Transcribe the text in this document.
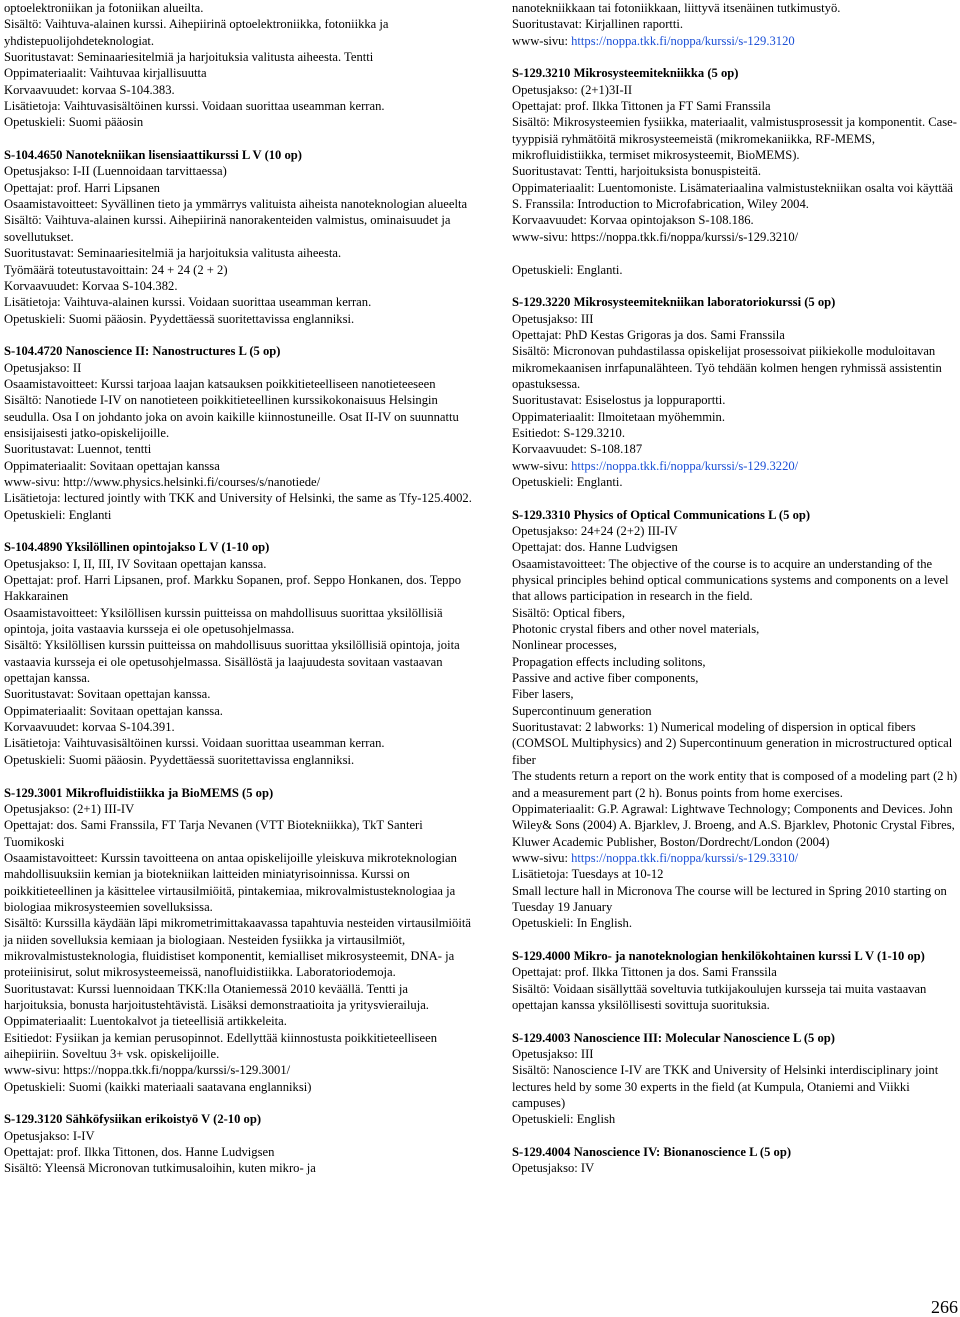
optoelektroniikan ja fotoniikan alueilta.
Sisältö: Vaihtuva-alainen kurssi. Aihepiirinä optoelektroniikka, fotoniikka ja yhdistepuolijohdeteknologiat.
Suoritustavat: Seminaariesitelmiä ja harjoituksia valitusta aiheesta. Tentti
Oppimateriaalit: Vaihtuvaa kirjallisuutta
Korvaavuudet: korvaa S-104.383.
Lisätietoja: Vaihtuvasisältöinen kurssi. Voidaan suorittaa useamman kerran.
Opetuskieli: Suomi pääosin
S-104.4650 Nanotekniikan lisensiaattikurssi L V (10 op)
Opetusjakso: I-II (Luennoidaan tarvittaessa)
Opettajat: prof. Harri Lipsanen
Osaamistavoitteet: Syvällinen tieto ja ymmärrys valituista aiheista nanoteknologian alueelta
Sisältö: Vaihtuva-alainen kurssi. Aihepiirinä nanorakenteiden valmistus, ominaisuudet ja sovellutukset.
Suoritustavat: Seminaariesitelmiä ja harjoituksia valitusta aiheesta.
Työmäärä toteutustavoittain: 24 + 24 (2 + 2)
Korvaavuudet: Korvaa S-104.382.
Lisätietoja: Vaihtuva-alainen kurssi. Voidaan suorittaa useamman kerran.
Opetuskieli: Suomi pääosin. Pyydettäessä suoritettavissa englanniksi.
S-104.4720 Nanoscience II: Nanostructures L (5 op)
Opetusjakso: II
Osaamistavoitteet: Kurssi tarjoaa laajan katsauksen poikkitieteelliseen nanotieteeseen
Sisältö: Nanotiede I-IV on nanotieteen poikkitieteellinen kurssikokonaisuus Helsingin seudulla. Osa I on johdanto joka on avoin kaikille kiinnostuneille. Osat II-IV on suunnattu ensisijaisesti jatko-opiskelijoille.
Suoritustavat: Luennot, tentti
Oppimateriaalit: Sovitaan opettajan kanssa
www-sivu: http://www.physics.helsinki.fi/courses/s/nanotiede/
Lisätietoja: lectured jointly with TKK and University of Helsinki, the same as Tfy-125.4002.
Opetuskieli: Englanti
S-104.4890 Yksilöllinen opintojakso L V (1-10 op)
Opetusjakso: I, II, III, IV Sovitaan opettajan kanssa.
Opettajat: prof. Harri Lipsanen, prof. Markku Sopanen, prof. Seppo Honkanen, dos. Teppo Hakkarainen
Osaamistavoitteet: Yksilöllisen kurssin puitteissa on mahdollisuus suorittaa yksilöllisiä opintoja, joita vastaavia kursseja ei ole opetusohjelmassa.
Sisältö: Yksilöllisen kurssin puitteissa on mahdollisuus suorittaa yksilöllisiä opintoja, joita vastaavia kursseja ei ole opetusohjelmassa. Sisällöstä ja laajuudesta sovitaan vastaavan opettajan kanssa.
Suoritustavat: Sovitaan opettajan kanssa.
Oppimateriaalit: Sovitaan opettajan kanssa.
Korvaavuudet: korvaa S-104.391.
Lisätietoja: Vaihtuvasisältöinen kurssi. Voidaan suorittaa useamman kerran.
Opetuskieli: Suomi pääosin. Pyydettäessä suoritettavissa englanniksi.
S-129.3001 Mikrofluidistiikka ja BioMEMS (5 op)
Opetusjakso: (2+1) III-IV
Opettajat: dos. Sami Franssila, FT Tarja Nevanen (VTT Biotekniikka), TkT Santeri Tuomikoski
Osaamistavoitteet: Kurssin tavoitteena on antaa opiskelijoille yleiskuva mikroteknologian mahdollisuuksiin kemian ja biotekniikan laitteiden miniatyrisoinnissa. Kurssi on poikkitieteellinen ja käsittelee virtausilmiöitä, pintakemiaa, mikrovalmistusteknologiaa ja biologiaa mikrosysteemien sovelluksissa.
Sisältö: Kurssilla käydään läpi mikrometrimittakaavassa tapahtuvia nesteiden virtausilmiöitä ja niiden sovelluksia kemiaan ja biologiaan. Nesteiden fysiikka ja virtausilmiöt, mikrovalmistusteknologia, fluidistiset komponentit, kemialliset mikrosysteemit, DNA- ja proteiinisirut, solut mikrosysteemeissä, nanofluidistiikka. Laboratoriodemoja.
Suoritustavat: Kurssi luennoidaan TKK:lla Otaniemessä 2010 keväällä. Tentti ja harjoituksia, bonusta harjoitustehtävistä. Lisäksi demonstraatioita ja yritysvierailuja.
Oppimateriaalit: Luentokalvot ja tieteellisiä artikkeleita.
Esitiedot: Fysiikan ja kemian perusopinnot. Edellyttää kiinnostusta poikkitieteelliseen aihepiiriin. Soveltuu 3+ vsk. opiskelijoille.
www-sivu: https://noppa.tkk.fi/noppa/kurssi/s-129.3001/
Opetuskieli: Suomi (kaikki materiaali saatavana englanniksi)
S-129.3120 Sähköfysiikan erikoistyö V (2-10 op)
Opetusjakso: I-IV
Opettajat: prof. Ilkka Tittonen, dos. Hanne Ludvigsen
Sisältö: Yleensä Micronovan tutkimusaloihin, kuten mikro- ja
nanotekniikkaan tai fotoniikkaan, liittyvä itsenäinen tutkimustyö.
Suoritustavat: Kirjallinen raportti.
www-sivu: https://noppa.tkk.fi/noppa/kurssi/s-129.3120
S-129.3210 Mikrosysteemitekniikka (5 op)
Opetusjakso: (2+1)3I-II
Opettajat: prof. Ilkka Tittonen ja FT Sami Franssila
Sisältö: Mikrosysteemien fysiikka, materiaalit, valmistusprosessit ja komponentit. Case-tyyppisiä ryhmätöitä mikrosysteemeistä (mikromekaniikka, RF-MEMS, mikrofluidistiikka, termiset mikrosysteemit, BioMEMS).
Suoritustavat: Tentti, harjoituksista bonuspisteitä.
Oppimateriaalit: Luentomoniste. Lisämateriaalina valmistustekniikan osalta voi käyttää S. Franssila: Introduction to Microfabrication, Wiley 2004.
Korvaavuudet: Korvaa opintojakson S-108.186.
www-sivu: https://noppa.tkk.fi/noppa/kurssi/s-129.3210/
Opetuskieli: Englanti.
S-129.3220 Mikrosysteemitekniikan laboratoriokurssi (5 op)
Opetusjakso: III
Opettajat: PhD Kestas Grigoras ja dos. Sami Franssila
Sisältö: Micronovan puhdastilassa opiskelijat prosessoivat piikiekolle moduloitavan mikromekaanisen inrfapunalähteen. Työ tehdään kolmen hengen ryhmissä assistentin opastuksessa.
Suoritustavat: Esiselostus ja loppuraportti.
Oppimateriaalit: Ilmoitetaan myöhemmin.
Esitiedot: S-129.3210.
Korvaavuudet: S-108.187
www-sivu: https://noppa.tkk.fi/noppa/kurssi/s-129.3220/
Opetuskieli: Englanti.
S-129.3310 Physics of Optical Communications L (5 op)
Opetusjakso: 24+24 (2+2) III-IV
Opettajat: dos. Hanne Ludvigsen
Osaamistavoitteet: The objective of the course is to acquire an understanding of the physical principles behind optical communications systems and components on a level that allows participation in research in the field.
Sisältö: Optical fibers,
Photonic crystal fibers and other novel materials,
Nonlinear processes,
Propagation effects including solitons,
Passive and active fiber components,
Fiber lasers,
Supercontinuum generation
Suoritustavat: 2 labworks: 1) Numerical modeling of dispersion in optical fibers (COMSOL Multiphysics) and 2) Supercontinuum generation in microstructured optical fiber
The students return a report on the work entity that is composed of a modeling part (2 h) and a measurement part (2 h). Bonus points from home exercises.
Oppimateriaalit: G.P. Agrawal: Lightwave Technology; Components and Devices. John Wiley& Sons (2004) A. Bjarklev, J. Broeng, and A.S. Bjarklev, Photonic Crystal Fibres, Kluwer Academic Publisher, Boston/Dordrecht/London (2004)
www-sivu: https://noppa.tkk.fi/noppa/kurssi/s-129.3310/
Lisätietoja: Tuesdays at 10-12
Small lecture hall in Micronova The course will be lectured in Spring 2010 starting on Tuesday 19 January
Opetuskieli: In English.
S-129.4000 Mikro- ja nanoteknologian henkilökohtainen kurssi L V (1-10 op)
Opettajat: prof. Ilkka Tittonen ja dos. Sami Franssila
Sisältö: Voidaan sisällyttää soveltuvia tutkijakoulujen kursseja tai muita vastaavan opettajan kanssa yksilöllisesti sovittuja suorituksia.
S-129.4003 Nanoscience III: Molecular Nanoscience L (5 op)
Opetusjakso: III
Sisältö: Nanoscience I-IV are TKK and University of Helsinki interdisciplinary joint lectures held by some 30 experts in the field (at Kumpula, Otaniemi and Viikki campuses)
Opetuskieli: English
S-129.4004 Nanoscience IV: Bionanoscience L (5 op)
Opetusjakso: IV
266
